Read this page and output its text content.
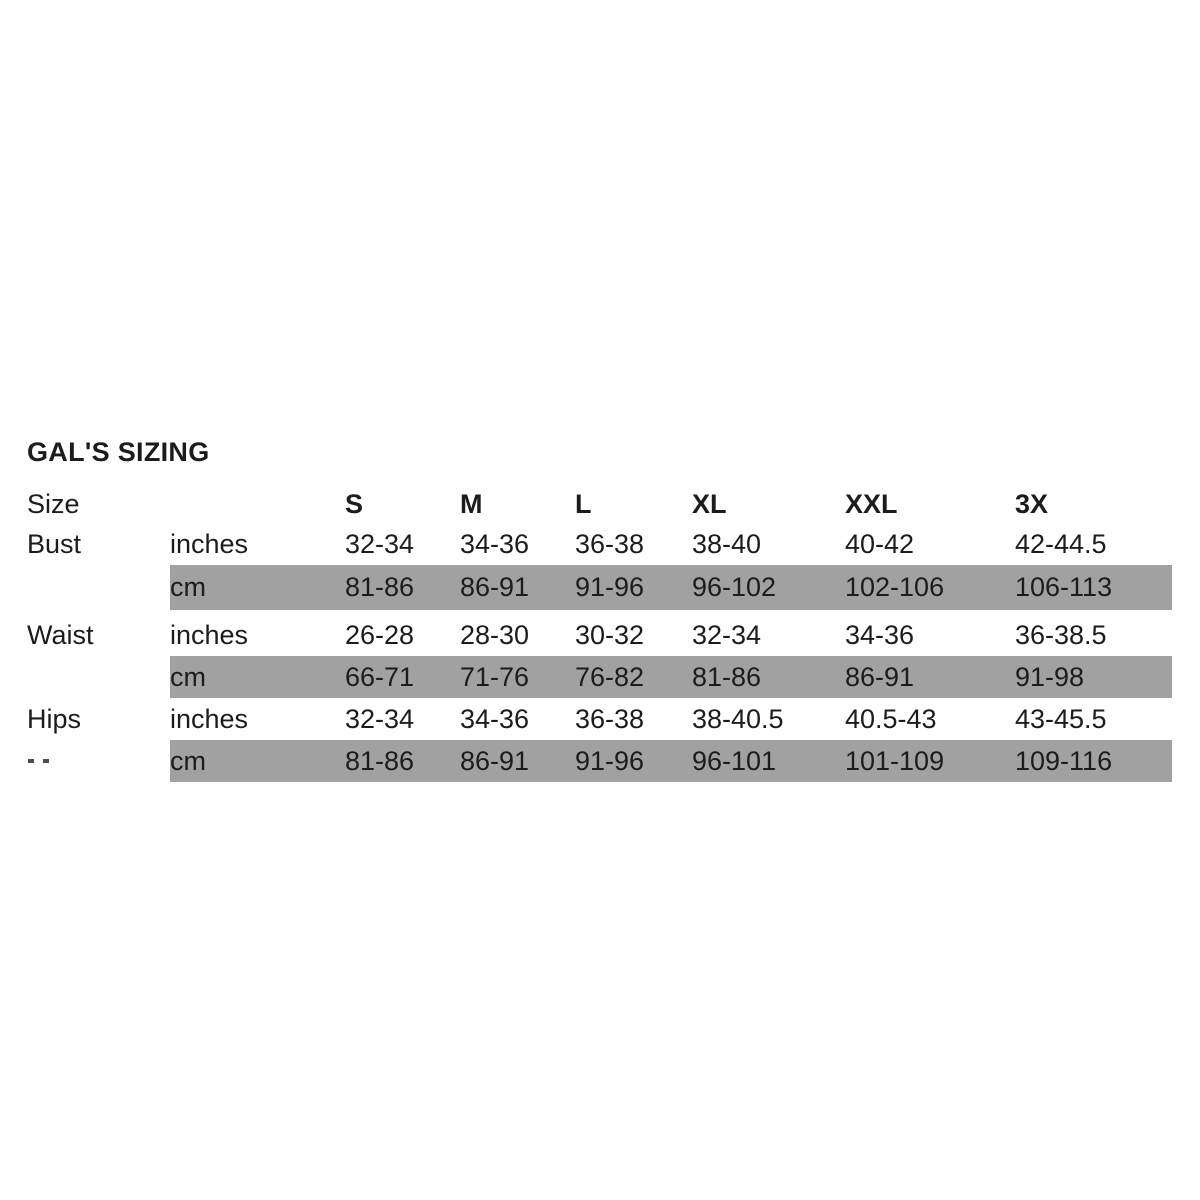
GAL'S SIZING
Size		S	M	L	XL	XXL	3X
Bust	inches	32-34	34-36	36-38	38-40	40-42	42-44.5
	cm	81-86	86-91	91-96	96-102	102-106	106-113
Waist	inches	26-28	28-30	30-32	32-34	34-36	36-38.5
	cm	66-71	71-76	76-82	81-86	86-91	91-98
Hips	inches	32-34	34-36	36-38	38-40.5	40.5-43	43-45.5
	cm	81-86	86-91	91-96	96-101	101-109	109-116
